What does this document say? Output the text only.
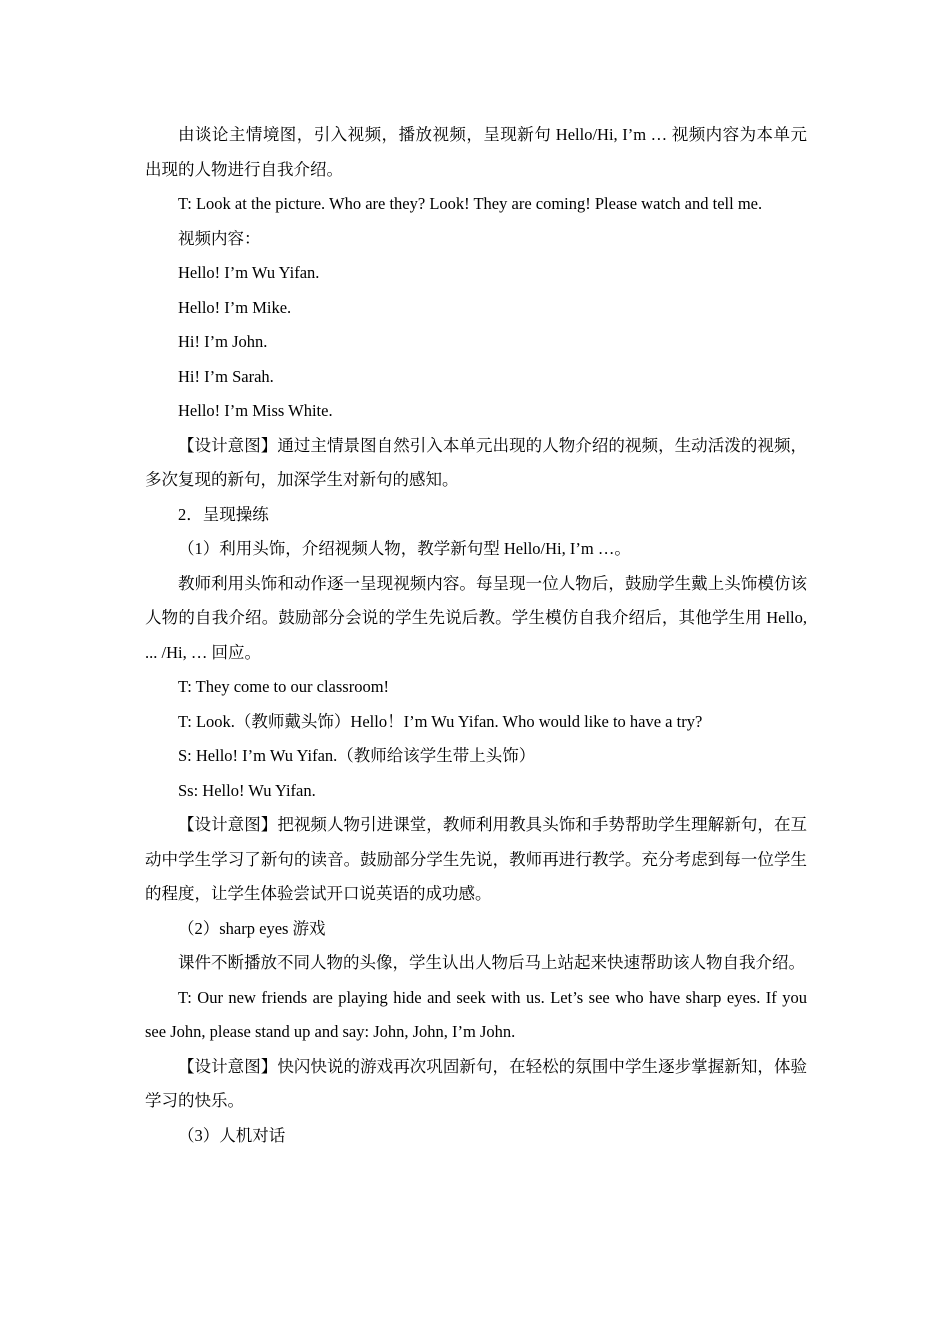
由谈论主情境图，引入视频，播放视频，呈现新句 Hello/Hi, I’m … 视频内容为本单元出现的人物进行自我介绍。

T: Look at the picture. Who are they? Look! They are coming! Please watch and tell me.

视频内容：

Hello! I’m Wu Yifan.

Hello! I’m Mike.

Hi! I’m John.

Hi! I’m Sarah.

Hello! I’m Miss White.

【设计意图】通过主情景图自然引入本单元出现的人物介绍的视频，生动活泼的视频，多次复现的新句，加深学生对新句的感知。

2．呈现操练

（1）利用头饰，介绍视频人物，教学新句型 Hello/Hi, I’m …。

教师利用头饰和动作逐一呈现视频内容。每呈现一位人物后，鼓励学生戴上头饰模仿该人物的自我介绍。鼓励部分会说的学生先说后教。学生模仿自我介绍后，其他学生用 Hello, ... /Hi, … 回应。

T: They come to our classroom!

T: Look.（教师戴头饰）Hello！I’m Wu Yifan. Who would like to have a try?

S: Hello! I’m Wu Yifan.（教师给该学生带上头饰）

Ss: Hello! Wu Yifan.

【设计意图】把视频人物引进课堂，教师利用教具头饰和手势帮助学生理解新句，在互动中学生学习了新句的读音。鼓励部分学生先说，教师再进行教学。充分考虑到每一位学生的程度，让学生体验尝试开口说英语的成功感。

（2）sharp eyes 游戏

课件不断播放不同人物的头像，学生认出人物后马上站起来快速帮助该人物自我介绍。

T: Our new friends are playing hide and seek with us. Let’s see who have sharp eyes. If you see John, please stand up and say: John, John, I’m John.

【设计意图】快闪快说的游戏再次巩固新句，在轻松的氛围中学生逐步掌握新知，体验学习的快乐。

（3）人机对话
